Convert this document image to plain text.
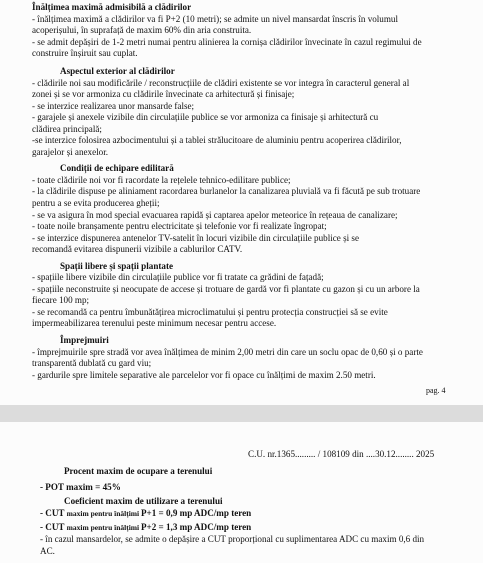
Înălțimea maximă admisibilă a clădirilor
- înălțimea maximă a clădirilor va fi P+2 (10 metri); se admite un nivel mansardat înscris în volumul
acoperișului, în suprafață de maxim 60% din aria construita.
- se admit depășiri de 1-2 metri numai pentru alinierea la cornișa clădirilor învecinate în cazul regimului de
construire înșiruit sau cuplat.
Aspectul exterior al clădirilor
- clădirile noi sau modificările / reconstrucțiile de clădiri existente se vor integra în caracterul general al
zonei și se vor armoniza cu clădirile învecinate ca arhitectură și finisaje;
- se interzice realizarea unor mansarde false;
- garajele și anexele vizibile din circulațiile publice se vor armoniza ca finisaje și arhitectură cu
clădirea principală;
-se interzice folosirea azbocimentului și a tablei strălucitoare de aluminiu pentru acoperirea clădirilor,
garajelor și anexelor.
Condiții de echipare edilitară
- toate clădirile noi vor fi racordate la rețelele tehnico-edilitare publice;
- la clădirile dispuse pe aliniament racordarea burlanelor la canalizarea pluvială va fi făcută pe sub trotuare
pentru a se evita producerea gheții;
- se va asigura în mod special evacuarea rapidă și captarea apelor meteorice în rețeaua de canalizare;
- toate noile branșamente pentru electricitate și telefonie vor fi realizate îngropat;
- se interzice dispunerea antenelor TV-satelit în locuri vizibile din circulațiile publice și se
recomandă evitarea dispunerii vizibile a cablurilor CATV.
Spații libere și spații plantate
- spațiile libere vizibile din circulațiile publice vor fi tratate ca grădini de fațadă;
- spațiile neconstruite și neocupate de accese și trotuare de gardă vor fi plantate cu gazon și cu un arbore la
fiecare 100 mp;
- se recomandă ca pentru îmbunătățirea microclimatului și pentru protecția construcției să se evite
impermeabilizarea terenului peste minimum necesar pentru accese.
Împrejmuiri
- împrejmuirile spre stradă vor avea înălțimea de minim 2,00 metri din care un soclu opac de 0,60 și o parte
transparentă dublată cu gard viu;
- gardurile spre limitele separative ale parcelelor vor fi opace cu înălțimi de maxim 2.50 metri.
pag. 4
C.U. nr.1365......... / 108109 din ....30.12........ 2025
Procent maxim de ocupare a terenului
- POT maxim = 45%
Coeficient maxim de utilizare a terenului
- CUT maxim pentru înălțimi P+1 = 0,9 mp ADC/mp teren
- CUT maxim pentru înălțimi P+2 = 1,3 mp ADC/mp teren
- în cazul mansardelor, se admite o depășire a CUT proporțional cu suplimentarea ADC cu maxim 0,6 din
AC.
